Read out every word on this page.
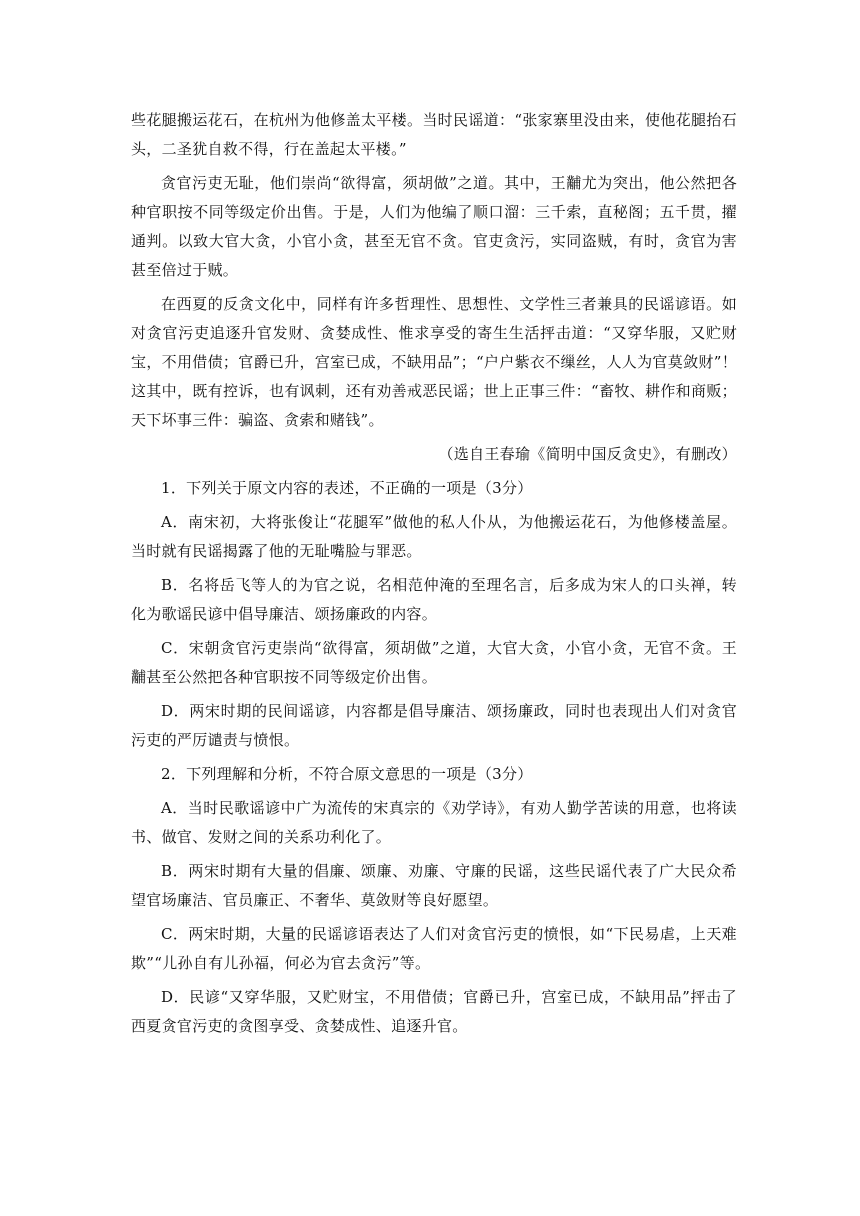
些花腿搬运花石，在杭州为他修盖太平楼。当时民谣道：“张家寨里没由来，使他花腿抬石头，二圣犹自救不得，行在盖起太平楼。”

贪官污吏无耻，他们崇尚“欲得富，须胡做”之道。其中，王黼尤为突出，他公然把各种官职按不同等级定价出售。于是，人们为他编了顺口溜：三千索，直秘阁；五千贯，擢通判。以致大官大贪，小官小贪，甚至无官不贪。官吏贪污，实同盗贼，有时，贪官为害甚至倍过于贼。

在西夏的反贪文化中，同样有许多哲理性、思想性、文学性三者兼具的民谣谚语。如对贪官污吏追逐升官发财、贪婪成性、惟求享受的寄生生活抨击道：“又穿华服，又贮财宝，不用借债；官爵已升，宫室已成，不缺用品”；“户户紫衣不缫丝，人人为官莫敛财”！这其中，既有控诉，也有讽刺，还有劝善戒恶民谣；世上正事三件：“畜牧、耕作和商贩；天下坏事三件：骗盗、贪索和赌钱”。

（选自王春瑜《简明中国反贪史》，有删改）

1．下列关于原文内容的表述，不正确的一项是（3分）

A．南宋初，大将张俊让“花腿军”做他的私人仆从，为他搬运花石，为他修楼盖屋。当时就有民谣揭露了他的无耻嘴脸与罪恶。

B．名将岳飞等人的为官之说，名相范仲淹的至理名言，后多成为宋人的口头禅，转化为歌谣民谚中倡导廉洁、颂扬廉政的内容。

C．宋朝贪官污吏崇尚“欲得富，须胡做”之道，大官大贪，小官小贪，无官不贪。王黼甚至公然把各种官职按不同等级定价出售。

D．两宋时期的民间谣谚，内容都是倡导廉洁、颂扬廉政，同时也表现出人们对贪官污吏的严厉谴责与愤恨。

2．下列理解和分析，不符合原文意思的一项是（3分）

A．当时民歌谣谚中广为流传的宋真宗的《劝学诗》，有劝人勤学苦读的用意，也将读书、做官、发财之间的关系功利化了。

B．两宋时期有大量的倡廉、颂廉、劝廉、守廉的民谣，这些民谣代表了广大民众希望官场廉洁、官员廉正、不奢华、莫敛财等良好愿望。

C．两宋时期，大量的民谣谚语表达了人们对贪官污吏的愤恨，如“下民易虐，上天难欺”“儿孙自有儿孙福，何必为官去贪污”等。

D．民谚“又穿华服，又贮财宝，不用借债；官爵已升，宫室已成，不缺用品”抨击了西夏贪官污吏的贪图享受、贪婪成性、追逐升官。
